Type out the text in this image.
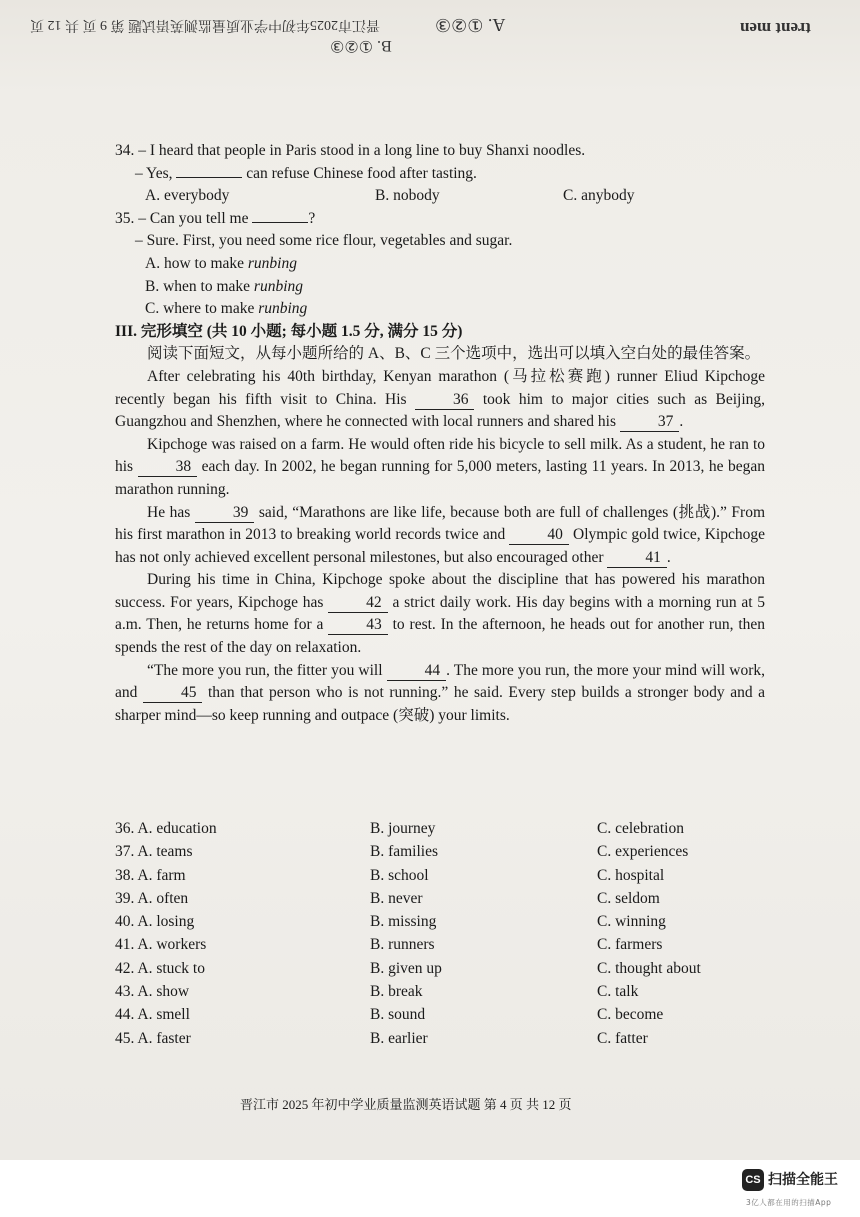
晋江市2025年初中学业质量监测英语试题 第 9 页 共 12 页
B. ①②③
A. ①②③	trent men
34. – I heard that people in Paris stood in a long line to buy Shanxi noodles.
– Yes,	can refuse Chinese food after tasting.
A. everybody	B. nobody	C. anybody
35. – Can you tell me	?
– Sure. First, you need some rice flour, vegetables and sugar.
A. how to make runbing
B. when to make runbing
C. where to make runbing
III. 完形填空 (共 10 小题; 每小题 1.5 分, 满分 15 分)
阅读下面短文，从每小题所给的 A、B、C 三个选项中，选出可以填入空白处的最佳答案。
After celebrating his 40th birthday, Kenyan marathon (马拉松赛跑) runner Eliud Kipchoge recently began his fifth visit to China. His	36 took him to major cities such as Beijing, Guangzhou and Shenzhen, where he connected with local runners and shared his	37 .
Kipchoge was raised on a farm. He would often ride his bicycle to sell milk. As a student, he ran to his	38 each day. In 2002, he began running for 5,000 meters, lasting 11 years. In 2013, he began marathon running.
He has	39 said, “Marathons are like life, because both are full of challenges (挑战).” From his first marathon in 2013 to breaking world records twice and	40 Olympic gold twice, Kipchoge has not only achieved excellent personal milestones, but also encouraged other	41 .
During his time in China, Kipchoge spoke about the discipline that has powered his marathon success. For years, Kipchoge has	42 a strict daily work. His day begins with a morning run at 5 a.m. Then, he returns home for a	43 to rest. In the afternoon, he heads out for another run, then spends the rest of the day on relaxation.
“The more you run, the fitter you will	44 . The more you run, the more your mind will work, and	45 than that person who is not running.” he said. Every step builds a stronger body and a sharper mind—so keep running and outpace (突破) your limits.
36. A. education	B. journey	C. celebration
37. A. teams	B. families	C. experiences
38. A. farm	B. school	C. hospital
39. A. often	B. never	C. seldom
40. A. losing	B. missing	C. winning
41. A. workers	B. runners	C. farmers
42. A. stuck to	B. given up	C. thought about
43. A. show	B. break	C. talk
44. A. smell	B. sound	C. become
45. A. faster	B. earlier	C. fatter
晋江市 2025 年初中学业质量监测英语试题 第 4 页 共 12 页
CS 扫描全能王
3亿人都在用的扫描App
